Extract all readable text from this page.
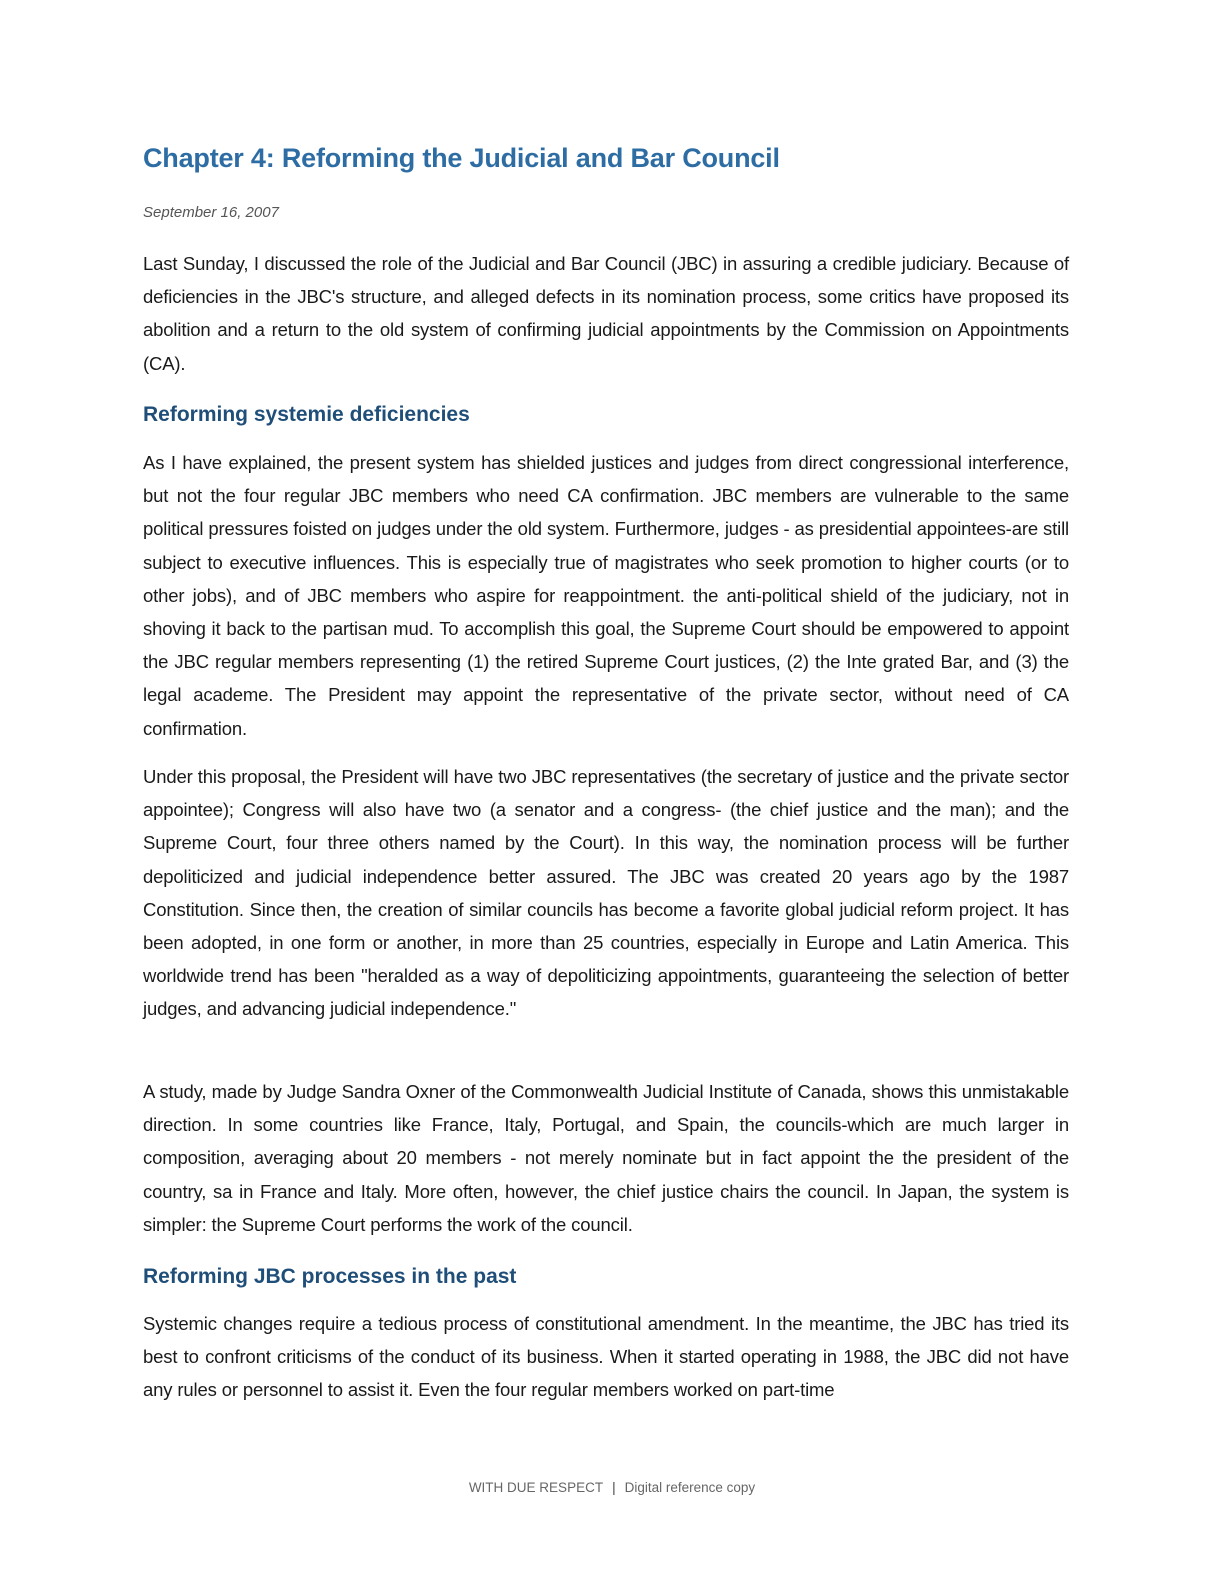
Chapter 4: Reforming the Judicial and Bar Council
September 16, 2007

Last Sunday, I discussed the role of the Judicial and Bar Council (JBC) in assuring a credible judiciary. Because of deficiencies in the JBC's structure, and alleged defects in its nomination process, some critics have proposed its abolition and a return to the old system of confirming judicial appointments by the Commission on Appointments (CA).

Reforming systemie deficiencies

As I have explained, the present system has shielded justices and judges from direct congressional interference, but not the four regular JBC members who need CA confirmation. JBC members are vulnerable to the same political pressures foisted on judges under the old system. Furthermore, judges - as presidential appointees-are still subject to executive influences. This is especially true of magistrates who seek promotion to higher courts (or to other jobs), and of JBC members who aspire for reappointment. the anti-political shield of the judiciary, not in shoving it back to the partisan mud. To accomplish this goal, the Supreme Court should be empowered to appoint the JBC regular members representing (1) the retired Supreme Court justices, (2) the Inte grated Bar, and (3) the legal academe. The President may appoint the representative of the private sector, without need of CA confirmation.

Under this proposal, the President will have two JBC representatives (the secretary of justice and the private sector appointee); Congress will also have two (a senator and a congress- (the chief justice and the man); and the Supreme Court, four three others named by the Court). In this way, the nomination process will be further depoliticized and judicial independence better assured. The JBC was created 20 years ago by the 1987 Constitution. Since then, the creation of similar councils has become a favorite global judicial reform project. It has been adopted, in one form or another, in more than 25 countries, especially in Europe and Latin America. This worldwide trend has been "heralded as a way of depoliticizing appointments, guaranteeing the selection of better judges, and advancing judicial independence."

A study, made by Judge Sandra Oxner of the Commonwealth Judicial Institute of Canada, shows this unmistakable direction. In some countries like France, Italy, Portugal, and Spain, the councils-which are much larger in composition, averaging about 20 members - not merely nominate but in fact appoint the the president of the country, sa in France and Italy. More often, however, the chief justice chairs the council. In Japan, the system is simpler: the Supreme Court performs the work of the council.

Reforming JBC processes in the past

Systemic changes require a tedious process of constitutional amendment. In the meantime, the JBC has tried its best to confront criticisms of the conduct of its business. When it started operating in 1988, the JBC did not have any rules or personnel to assist it. Even the four regular members worked on part-time

WITH DUE RESPECT | Digital reference copy
